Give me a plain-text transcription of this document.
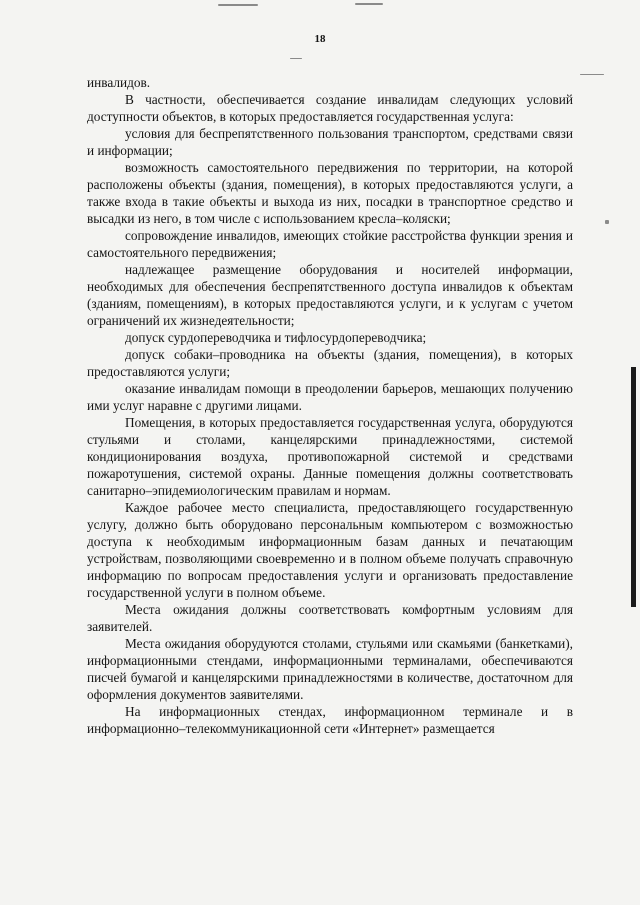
18

инвалидов.

В частности, обеспечивается создание инвалидам следующих условий доступности объектов, в которых предоставляется государственная услуга:

условия для беспрепятственного пользования транспортом, средствами связи и информации;

возможность самостоятельного передвижения по территории, на которой расположены объекты (здания, помещения), в которых предоставляются услуги, а также входа в такие объекты и выхода из них, посадки в транспортное средство и высадки из него, в том числе с использованием кресла–коляски;

сопровождение инвалидов, имеющих стойкие расстройства функции зрения и самостоятельного передвижения;

надлежащее размещение оборудования и носителей информации, необходимых для обеспечения беспрепятственного доступа инвалидов к объектам (зданиям, помещениям), в которых предоставляются услуги, и к услугам с учетом ограничений их жизнедеятельности;

допуск сурдопереводчика и тифлосурдопереводчика;

допуск собаки–проводника на объекты (здания, помещения), в которых предоставляются услуги;

оказание инвалидам помощи в преодолении барьеров, мешающих получению ими услуг наравне с другими лицами.

Помещения, в которых предоставляется государственная услуга, оборудуются стульями и столами, канцелярскими принадлежностями, системой кондиционирования воздуха, противопожарной системой и средствами пожаротушения, системой охраны. Данные помещения должны соответствовать санитарно–эпидемиологическим правилам и нормам.

Каждое рабочее место специалиста, предоставляющего государственную услугу, должно быть оборудовано персональным компьютером с возможностью доступа к необходимым информационным базам данных и печатающим устройствам, позволяющими своевременно и в полном объеме получать справочную информацию по вопросам предоставления услуги и организовать предоставление государственной услуги в полном объеме.

Места ожидания должны соответствовать комфортным условиям для заявителей.

Места ожидания оборудуются столами, стульями или скамьями (банкетками), информационными стендами, информационными терминалами, обеспечиваются писчей бумагой и канцелярскими принадлежностями в количестве, достаточном для оформления документов заявителями.

На информационных стендах, информационном терминале и в информационно–телекоммуникационной сети «Интернет» размещается
